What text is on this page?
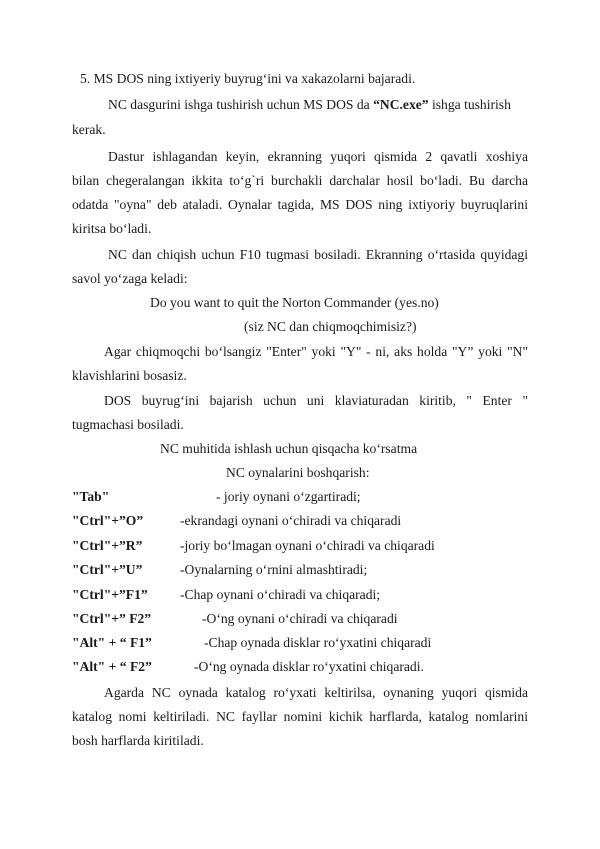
5. MS DOS ning ixtiyeriy buyrug‘ini va xakazolarni bajaradi.
NC dasgurini ishga tushirish uchun MS DOS da “NC.exe” ishga tushirish
kerak.
Dastur ishlagandan keyin, ekranning yuqori qismida 2 qavatli xoshiya
bilan chegeralangan ikkita to‘g`ri burchakli darchalar hosil bo‘ladi. Bu darcha
odatda "oyna" deb ataladi. Oynalar tagida, MS DOS ning ixtiyoriy buyruqlarini
kiritsa bo‘ladi.
NC dan chiqish uchun F10 tugmasi bosiladi. Ekranning o‘rtasida quyidagi
savol yo‘zaga keladi:
Do you want to quit the Norton Commander (yes.no)
(siz NC dan chiqmoqchimisiz?)
Agar chiqmoqchi bo‘lsangiz "Enter" yoki "Y" - ni, aks holda "Y” yoki "N"
klavishlarini bosasiz.
DOS buyrug‘ini bajarish uchun uni klaviaturadan kiritib, " Enter "
tugmachasi bosiladi.
NC muhitida ishlash uchun qisqacha ko‘rsatma
NC oynalarini boshqarish:
"Tab"	- joriy oynani o‘zgartiradi;
"Ctrl"+”O”	-ekrandagi oynani o‘chiradi va chiqaradi
"Ctrl"+”R”	-joriy bo‘lmagan oynani o‘chiradi va chiqaradi
"Ctrl"+”U”	-Oynalarning o‘rnini almashtiradi;
"Ctrl"+”F1” -Chap oynani o‘chiradi va chiqaradi;
"Ctrl"+” F2”	-O‘ng oynani o‘chiradi va chiqaradi
"Alt" + “ F1”	-Chap oynada disklar ro‘yxatini chiqaradi
"Alt" + “ F2”	-O‘ng oynada disklar ro‘yxatini chiqaradi.
Agarda NC oynada katalog ro‘yxati keltirilsa, oynaning yuqori qismida
katalog nomi keltiriladi. NC fayllar nomini kichik harflarda, katalog nomlarini
bosh harflarda kiritiladi.
